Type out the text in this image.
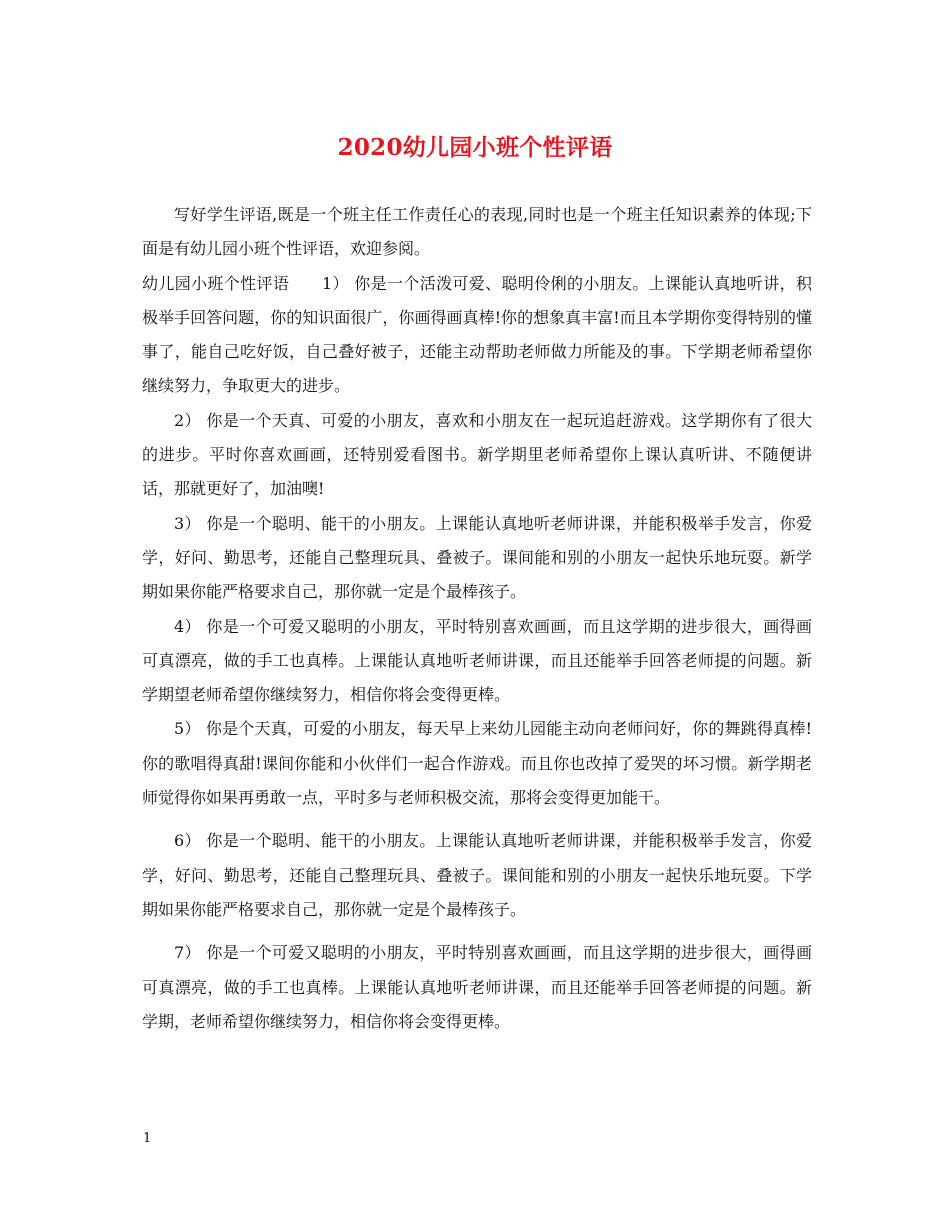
2020幼儿园小班个性评语

写好学生评语,既是一个班主任工作责任心的表现,同时也是一个班主任知识素养的体现;下面是有幼儿园小班个性评语，欢迎参阅。

幼儿园小班个性评语　　1） 你是一个活泼可爱、聪明伶俐的小朋友。上课能认真地听讲，积极举手回答问题，你的知识面很广，你画得画真棒!你的想象真丰富!而且本学期你变得特别的懂事了，能自己吃好饭，自己叠好被子，还能主动帮助老师做力所能及的事。下学期老师希望你继续努力，争取更大的进步。

2） 你是一个天真、可爱的小朋友，喜欢和小朋友在一起玩追赶游戏。这学期你有了很大的进步。平时你喜欢画画，还特别爱看图书。新学期里老师希望你上课认真听讲、不随便讲话，那就更好了，加油噢!

3） 你是一个聪明、能干的小朋友。上课能认真地听老师讲课，并能积极举手发言，你爱学，好问、勤思考，还能自己整理玩具、叠被子。课间能和别的小朋友一起快乐地玩耍。新学期如果你能严格要求自己，那你就一定是个最棒孩子。

4） 你是一个可爱又聪明的小朋友，平时特别喜欢画画，而且这学期的进步很大，画得画可真漂亮，做的手工也真棒。上课能认真地听老师讲课，而且还能举手回答老师提的问题。新学期望老师希望你继续努力，相信你将会变得更棒。

5） 你是个天真，可爱的小朋友，每天早上来幼儿园能主动向老师问好，你的舞跳得真棒!你的歌唱得真甜!课间你能和小伙伴们一起合作游戏。而且你也改掉了爱哭的坏习惯。新学期老师觉得你如果再勇敢一点，平时多与老师积极交流，那将会变得更加能干。

6） 你是一个聪明、能干的小朋友。上课能认真地听老师讲课，并能积极举手发言，你爱学，好问、勤思考，还能自己整理玩具、叠被子。课间能和别的小朋友一起快乐地玩耍。下学期如果你能严格要求自己，那你就一定是个最棒孩子。

7） 你是一个可爱又聪明的小朋友，平时特别喜欢画画，而且这学期的进步很大，画得画可真漂亮，做的手工也真棒。上课能认真地听老师讲课，而且还能举手回答老师提的问题。新学期，老师希望你继续努力，相信你将会变得更棒。

1
